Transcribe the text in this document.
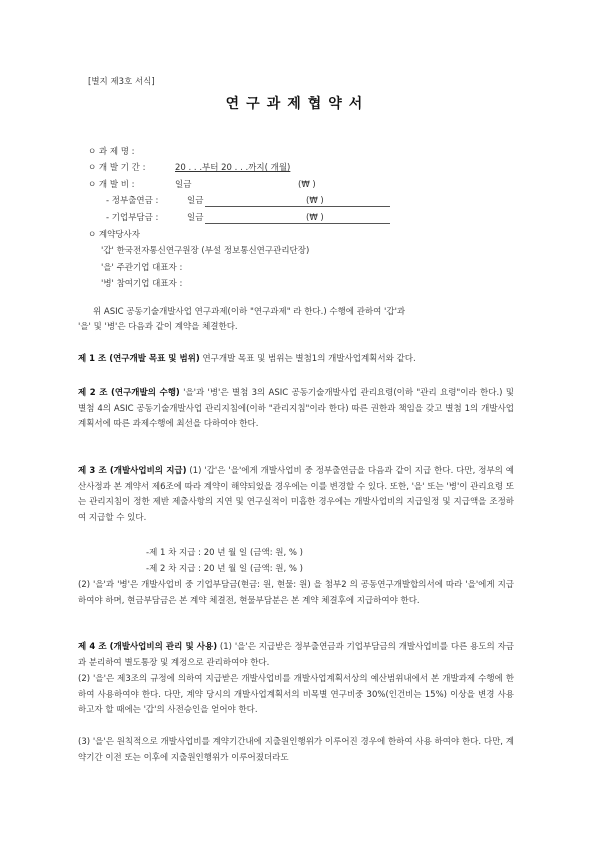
[별지 제3호 서식]
연구과제협약서
ㅇ 과 제 명 :
ㅇ 개 발 기 간 :	20 . . .부터 20 . . .까지( 개월)
ㅇ 개 발 비 :	일금	(₩ )
- 정부출연금 :	일금	(₩ )
- 기업부담금 :	일금	(₩ )
ㅇ 계약당사자
'갑' 한국전자통신연구원장 (부설 정보통신연구관리단장)
'을' 주관기업 대표자 :
'병' 참여기업 대표자 :
위 ASIC 공동기술개발사업 연구과제(이하 "연구과제" 라 한다.) 수행에 관하여 '갑'과
'을' 및 '병'은 다음과 같이 계약을 체결한다.
제 1 조 (연구개발 목표 및 범위) 연구개발 목표 및 범위는 별첨1의 개발사업계획서와 같다.
제 2 조 (연구개발의 수행) '을'과 '병'은 별첨 3의 ASIC 공동기술개발사업 관리요령(이하 "관리 요령"이라 한다.) 및 별첨 4의 ASIC 공동기술개발사업 관리지침에(이하 "관리지침"이라 한다) 따른 권한과 책임을 갖고 별첨 1의 개발사업계획서에 따른 과제수행에 최선을 다하여야 한다.
제 3 조 (개발사업비의 지급) (1) '갑'은 '을'에게 개발사업비 중 정부출연금을 다음과 같이 지급 한다. 다만, 정부의 예산사정과 본 계약서 제6조에 따라 계약이 해약되었을 경우에는 이를 변경할 수 있다. 또한, '을' 또는 '병'이 관리요령 또는 관리지침이 정한 제반 제출사항의 지연 및 연구실적이 미흡한 경우에는 개발사업비의 지급일정 및 지급액을 조정하여 지급할 수 있다.
-제 1 차 지급 : 20 년 월 일 (금액: 원, % )
-제 2 차 지급 : 20 년 월 일 (금액: 원, % )
(2) '을'과 '병'은 개발사업비 중 기업부담금(현금: 원, 현물: 원) 을 첨부2 의 공동연구개발합의서에 따라 '을'에게 지급하여야 하며, 현금부담금은 본 계약 체결전, 현물부담분은 본 계약 체결후에 지급하여야 한다.
제 4 조 (개발사업비의 관리 및 사용) (1) '을'은 지급받은 정부출연금과 기업부담금의 개발사업비를 다른 용도의 자금과 분리하여 별도통장 및 계정으로 관리하여야 한다.
(2) '을'은 제3조의 규정에 의하여 지급받은 개발사업비를 개발사업계획서상의 예산범위내에서 본 개발과제 수행에 한하여 사용하여야 한다. 다만, 계약 당시의 개발사업계획서의 비목별 연구비중 30%(인건비는 15%) 이상을 변경 사용하고자 할 때에는 '갑'의 사전승인을 얻어야 한다.
(3) '을'은 원칙적으로 개발사업비를 계약기간내에 지출원인행위가 이루어진 경우에 한하여 사용 하여야 한다. 다만, 계약기간 이전 또는 이후에 지출원인행위가 이루어졌더라도
